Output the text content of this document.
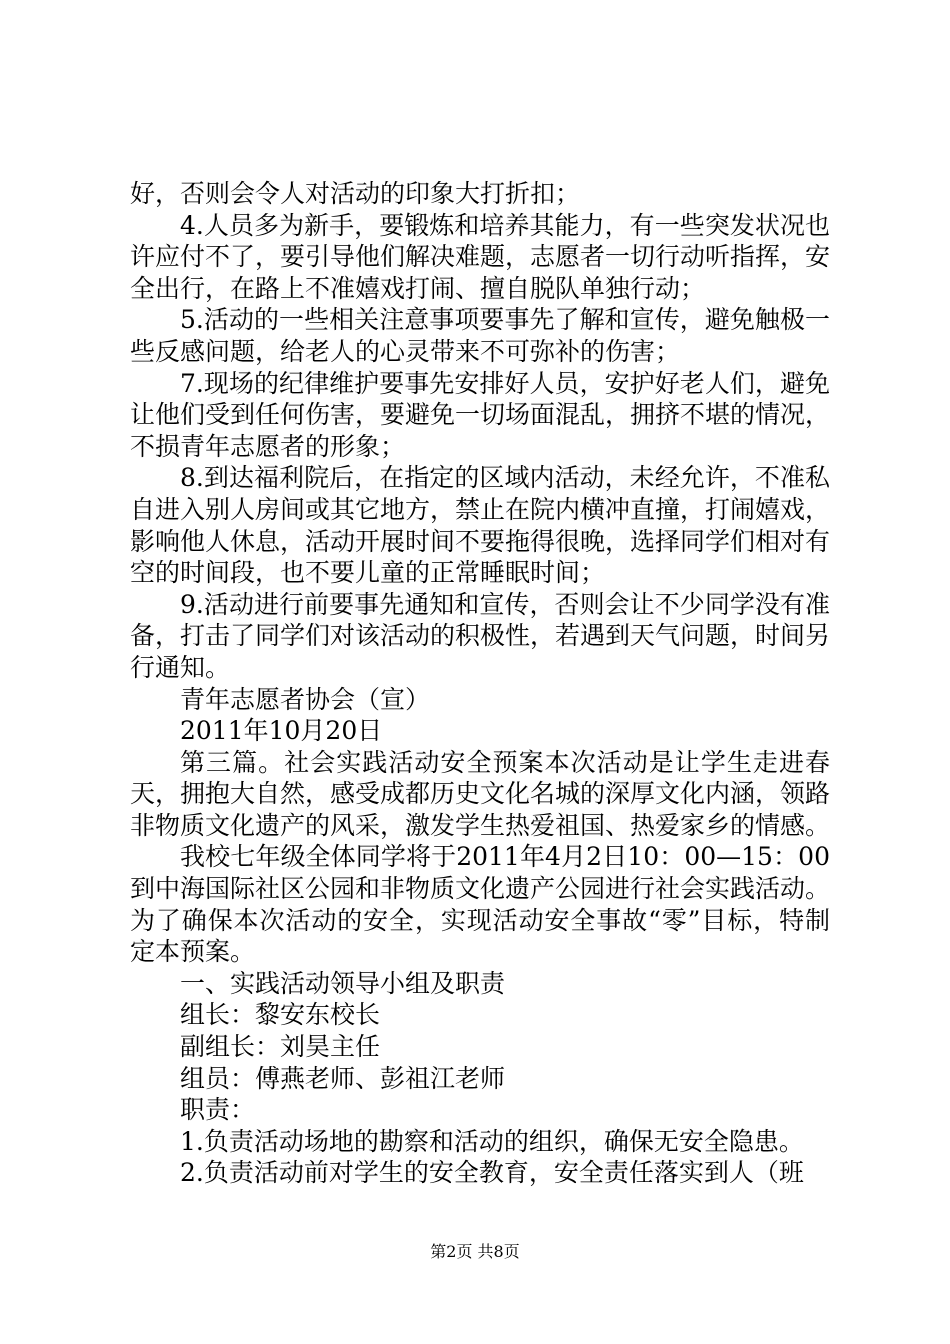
好，否则会令人对活动的印象大打折扣；

4.人员多为新手，要锻炼和培养其能力，有一些突发状况也许应付不了，要引导他们解决难题，志愿者一切行动听指挥，安全出行，在路上不准嬉戏打闹、擅自脱队单独行动；

5.活动的一些相关注意事项要事先了解和宣传，避免触极一些反感问题，给老人的心灵带来不可弥补的伤害；

7.现场的纪律维护要事先安排好人员，安护好老人们，避免让他们受到任何伤害，要避免一切场面混乱，拥挤不堪的情况，不损青年志愿者的形象；

8.到达福利院后，在指定的区域内活动，未经允许，不准私自进入别人房间或其它地方，禁止在院内横冲直撞，打闹嬉戏，影响他人休息，活动开展时间不要拖得很晚，选择同学们相对有空的时间段，也不要儿童的正常睡眠时间；

9.活动进行前要事先通知和宣传，否则会让不少同学没有准备，打击了同学们对该活动的积极性，若遇到天气问题，时间另行通知。

青年志愿者协会（宣）

2011年10月20日

第三篇。社会实践活动安全预案本次活动是让学生走进春天，拥抱大自然，感受成都历史文化名城的深厚文化内涵，领路非物质文化遗产的风采，激发学生热爱祖国、热爱家乡的情感。

我校七年级全体同学将于2011年4月2日10：00—15：00到中海国际社区公园和非物质文化遗产公园进行社会实践活动。为了确保本次活动的安全，实现活动安全事故“零”目标，特制定本预案。

一、实践活动领导小组及职责

组长：黎安东校长

副组长：刘昊主任

组员：傅燕老师、彭祖江老师

职责：

1.负责活动场地的勘察和活动的组织，确保无安全隐患。

2.负责活动前对学生的安全教育，安全责任落实到人（班

第2页 共8页
